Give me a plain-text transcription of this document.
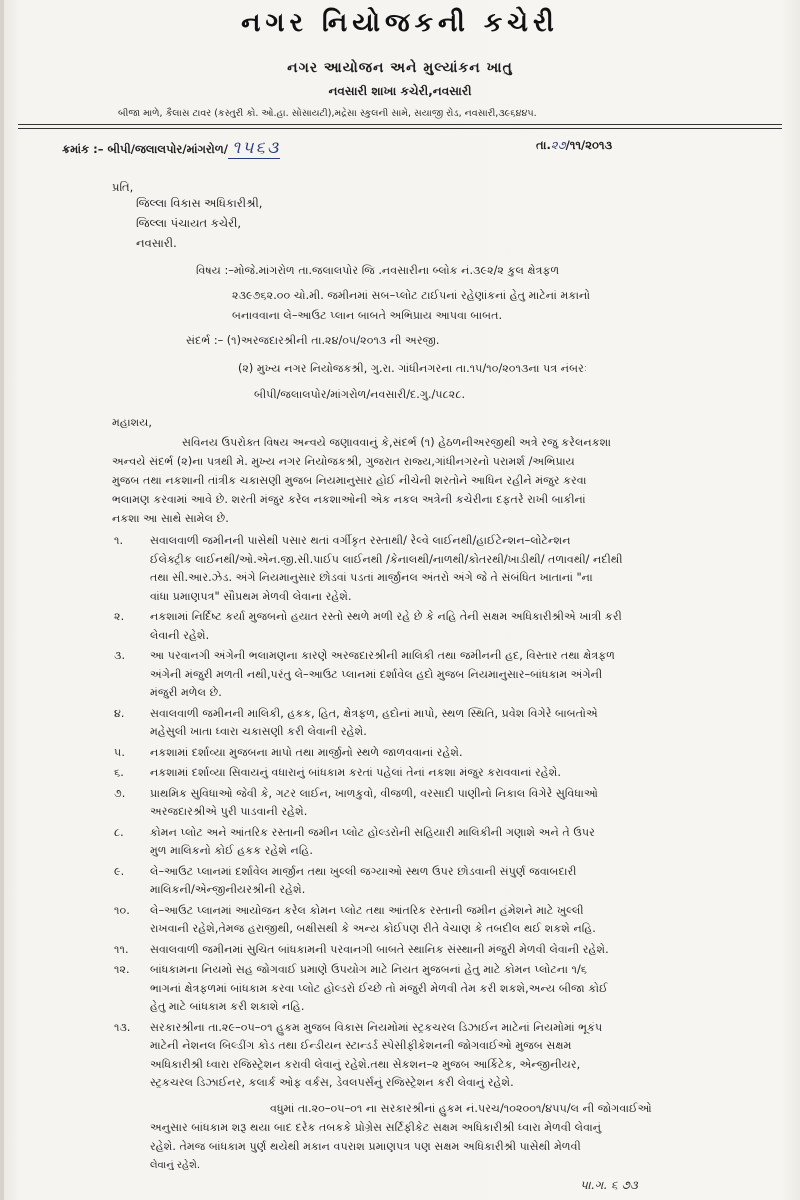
નગર નિયોજકની કચેરી
નગર આયોજન અને મુલ્યાંકન ખાતુ
નવસારી શાખા કચેરી,નવસારી
બીજા માળે, કૈલાસ ટાવર (કસ્તુરી કો. ઓ.હા. સોસાયટી),મદ્રેસા સ્કુલની સામે, સયાજી રોડ, નવસારી,૩૯૬૪૪૫.
ક્રમાંક :– બીપી/જલાલપોર/માંગરોળ/ ૧૫૬૩	તા.૨૭/૧૧/૨૦૧૩
પ્રતિ,
જિલ્લા વિકાસ અધિકારીશ્રી,
જિલ્લા પંચાયત કચેરી,
નવસારી.
વિષય :–મોજે.માંગરોળ તા.જલાલપોર જિ .નવસારીના બ્લોક નં.૩૯૨/૨ કુલ ક્ષેત્રફળ
૨૩૯૭૬૨.૦૦ ચો.મી. જમીનમાં સબ–પ્લોટ ટાઈપનાં રહેણાંકનાં હેતુ માટેનાં મકાનો
બનાવવાના લે–આઉટ પ્લાન બાબતે અભિપ્રાય આપવા બાબત.
સંદર્ભ :– (૧)અરજદારશ્રીની તા.૨૪/૦૫/૨૦૧૩ ની અરજી.
(૨) મુખ્ય નગર નિયોજકશ્રી, ગુ.રા. ગાંધીનગરના તા.૧૫/૧૦/૨૦૧૩ના પત્ર નંબરઃ
બીપી/જલાલપોર/માંગરોળ/નવસારી/દ.ગુ./૫૮૨૮.
મહાશય,
સવિનય ઉપરોક્ત વિષય અન્વયે જણાવવાનું કે,સંદર્ભ (૧) હેઠળનીઅરજીથી અત્રે રજુ કરેલનકશા
અન્વયે સંદર્ભ (૨)ના પત્રથી મે. મુખ્ય નગર નિયોજકશ્રી, ગુજરાત રાજ્ય,ગાંધીનગરનો પરામર્શ /અભિપ્રાય
મુજબ તથા નકશાની તાંત્રીક ચકાસણી મુજબ નિયમાનુસાર હોઈ નીચેની શરતોને આધિન રહીને મંજુર કરવા
ભલામણ કરવામાં આવે છે. શરતી મંજુર કરેલ નકશાઓની એક નકલ અત્રેની કચેરીના દફતરે રાખી બાકીનાં
નકશા આ સાથે સામેલ છે.
૧.	સવાલવાળી જમીનની પાસેથી પસાર થતાં વર્ગીકૃત રસ્તાથી/ રેલ્વે લાઈનથી/હાઈટેન્શન–લોટેન્શન
ઈલેક્ટ્રીક લાઈનથી/ઓ.એન.જી.સી.પાઈપ લાઈનથી /કેનાલથી/નાળથી/કોતરથી/ખાડીથી/ તળાવથી/ નદીથી
તથા સી.આર.ઝેડ. અંગે નિયમાનુસાર છોડવાં પડતાં માર્જીનલ અંતરો અંગે જે તે સંબંધિત ખાતાનાં "ના
વાંધા પ્રમાણપત્ર" સૌપ્રથમ મેળવી લેવાના રહેશે.
૨.	નકશામાં નિર્દિષ્ટ કર્યા મુજબનો હયાત રસ્તો સ્થળે મળી રહે છે કે નહિ તેની સક્ષમ અધિકારીશ્રીએ ખાત્રી કરી
લેવાની રહેશે.
૩.	આ પરવાનગી અંગેની ભલામણના કારણે અરજદારશ્રીની માલિકી તથા જમીનની હદ, વિસ્તાર તથા ક્ષેત્રફળ
અંગેની મંજુરી મળતી નથી,પરંતુ લે–આઉટ પ્લાનમાં દર્શાવેલ હદો મુજબ નિયમાનુસાર–બાંધકામ અંગેની
મંજુરી મળેલ છે.
૪.	સવાલવાળી જમીનની માલિકી, હકક, હિત, ક્ષેત્રફળ, હદોનાં માપો, સ્થળ સ્થિતિ, પ્રવેશ વિગેરે બાબતોએ
મહેસુલી ખાતા ધ્વારા ચકાસણી કરી લેવાની રહેશે.
૫.	નકશામાં દર્શાવ્યા મુજબના માપો તથા માર્જીનો સ્થળે જાળવવાનાં રહેશે.
૬.	નકશામાં દર્શાવ્યા સિવાયનું વધારાનું બાંધકામ કરતાં પહેલાં તેનાં નકશા મંજુર કરાવવાનાં રહેશે.
૭.	પ્રાથમિક સુવિધાઓ જેવી કે, ગટર લાઈન, ખાળકુવો, વીજળી, વરસાદી પાણીનો નિકાલ વિગેરે સુવિધાઓ
અરજદારશ્રીએ પુરી પાડવાની રહેશે.
૮.	કોમન પ્લોટ અને આંતરિક રસ્તાની જમીન પ્લોટ હોલ્ડરોની સહિયારી માલિકીની ગણાશે અને તે ઉપર
મુળ માલિકનો કોઈ હકક રહેશે નહિ.
૯.	લે–આઉટ પ્લાનમાં દર્શાવેલ માર્જીન તથા ખુલ્લી જગ્યાઓ સ્થળ ઉપર છોડવાની સંપુર્ણ જવાબદારી
માલિકની/એન્જીનીયરશ્રીની રહેશે.
૧૦.	લે–આઉટ પ્લાનમાં આયોજન કરેલ કોમન પ્લોટ તથા આંતરિક રસ્તાની જમીન હંમેશને માટે ખુલ્લી
રાખવાની રહેશે,તેમજ હરાજીથી, બક્ષીસથી કે અન્ય કોઈપણ રીતે વેચાણ કે તબદીલ થઈ શકશે નહિ.
૧૧.	સવાલવાળી જમીનમાં સુચિત બાંધકામની પરવાનગી બાબતે સ્થાનિક સંસ્થાની મંજુરી મેળવી લેવાની રહેશે.
૧૨.	બાંધકામના નિયમો સહ જોગવાઈ પ્રમાણે ઉપયોગ માટે નિયત મુજબનાં હેતુ માટે કોમન પ્લોટના ૧/૬
ભાગનાં ક્ષેત્રફળમાં બાંધકામ કરવા પ્લોટ હોલ્ડરો ઈચ્છે તો મંજુરી મેળવી તેમ કરી શકશે,અન્ય બીજા કોઈ
હેતુ માટે બાંધકામ કરી શકાશે નહિ.
૧૩.	સરકારશ્રીના તા.૨૯–૦૫–૦૧ હુકમ મુજબ વિકાસ નિયમોમાં સ્ટ્રકચરલ ડિઝાઈન માટેનાં નિયમોમાં ભૂકંપ
માટેની નેશનલ બિલ્ડીંગ કોડ તથા ઈન્ડીયન સ્ટાન્ડર્ડ સ્પેસીફીકેશનની જોગવાઈઓ મુજબ સક્ષમ
અધિકારીશ્રી ધ્વારા રજિસ્ટ્રેશન કરાવી લેવાનું રહેશે.તથા સેકશન–૨ મુજબ આર્કિટેક, એન્જીનીયર,
સ્ટ્રકચરલ ડિઝાઈનર, કલાર્ક ઓફ વર્કસ, ડેવલપર્સનું રજિસ્ટ્રેશન કરી લેવાનું રહેશે.
વધુમાં તા.૨૦–૦૫–૦૧ ના સરકારશ્રીનાં હુકમ નં.પરચ/૧૦૨૦૦૧/૪૫૫/લ ની જોગવાઈઓ
અનુસાર બાંધકામ શરૂ થયા બાદ દરેક તબકકે પ્રોગ્રેસ સર્ટિફીકેટ સક્ષમ અધિકારીશ્રી ધ્વારા મેળવી લેવાનું
રહેશે. તેમજ બાંધકામ પુર્ણ થયેથી મકાન વપરાશ પ્રમાણપત્ર પણ સક્ષમ અધિકારીશ્રી પાસેથી મેળવી
લેવાનું રહેશે.
પા.ગ. ૬ ૭૩
